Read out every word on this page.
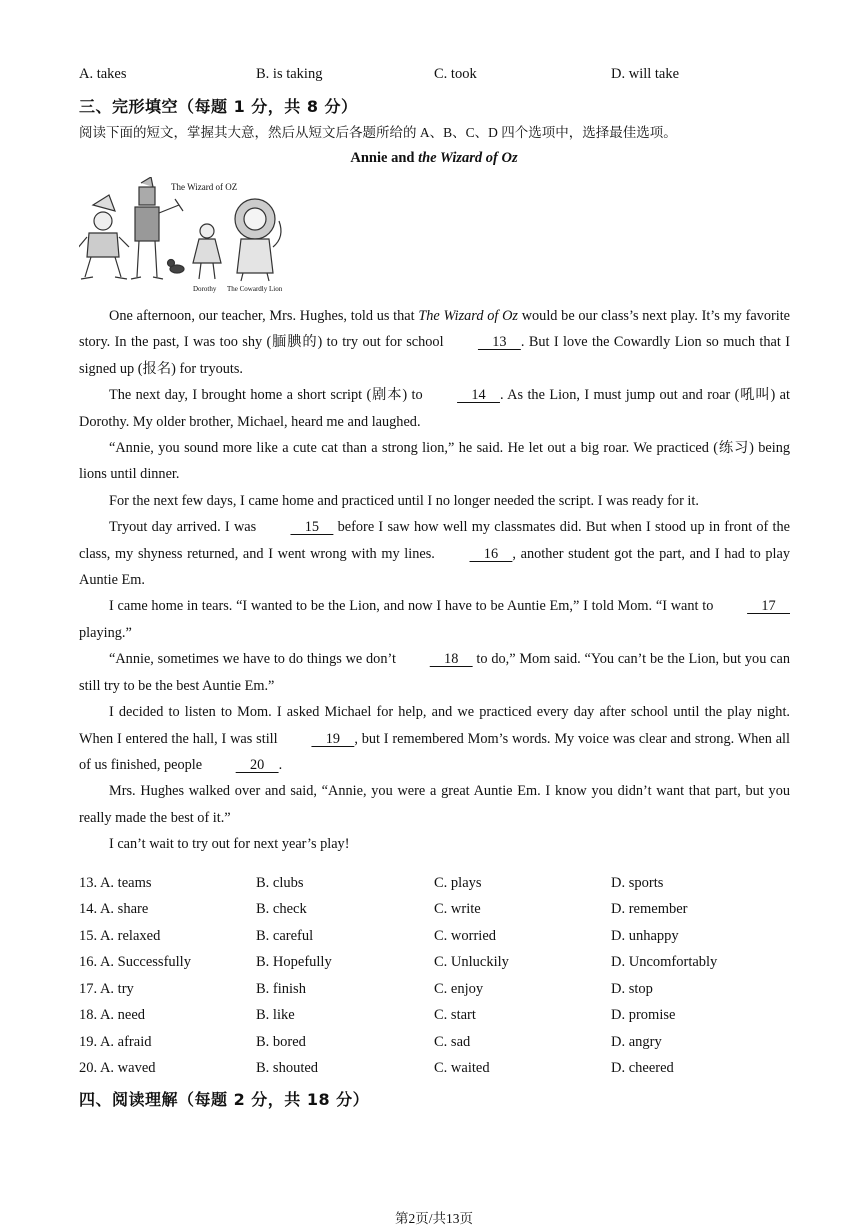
A. takes	B. is taking	C. took	D. will take
三、完形填空（每题 1 分，共 8 分）
阅读下面的短文，掌握其大意，然后从短文后各题所给的 A、B、C、D 四个选项中，选择最佳选项。
Annie and the Wizard of Oz
The Wizard of OZ
Dorothy The Cowardly Lion

One afternoon, our teacher, Mrs. Hughes, told us that The Wizard of Oz would be our class’s next play. It’s my favorite story. In the past, I was too shy (腼腆的) to try out for school     13    . But I love the Cowardly Lion so much that I signed up (报名) for tryouts.

The next day, I brought home a short script (剧本) to     14    . As the Lion, I must jump out and roar (吼叫) at Dorothy. My older brother, Michael, heard me and laughed.

“Annie, you sound more like a cute cat than a strong lion,” he said. He let out a big roar. We practiced (练习) being lions until dinner.

For the next few days, I came home and practiced until I no longer needed the script. I was ready for it.

Tryout day arrived. I was     15     before I saw how well my classmates did. But when I stood up in front of the class, my shyness returned, and I went wrong with my lines.     16    , another student got the part, and I had to play Auntie Em.

I came home in tears. “I wanted to be the Lion, and now I have to be Auntie Em,” I told Mom. “I want to     17     playing.”

“Annie, sometimes we have to do things we don’t     18     to do,” Mom said. “You can’t be the Lion, but you can still try to be the best Auntie Em.”

I decided to listen to Mom. I asked Michael for help, and we practiced every day after school until the play night. When I entered the hall, I was still     19    , but I remembered Mom’s words. My voice was clear and strong. When all of us finished, people     20    .

Mrs. Hughes walked over and said, “Annie, you were a great Auntie Em. I know you didn’t want that part, but you really made the best of it.”

I can’t wait to try out for next year’s play!

13. A. teams	B. clubs	C. plays	D. sports
14. A. share	B. check	C. write	D. remember
15. A. relaxed	B. careful	C. worried	D. unhappy
16. A. Successfully	B. Hopefully	C. Unluckily	D. Uncomfortably
17. A. try	B. finish	C. enjoy	D. stop
18. A. need	B. like	C. start	D. promise
19. A. afraid	B. bored	C. sad	D. angry
20. A. waved	B. shouted	C. waited	D. cheered
四、阅读理解（每题 2 分，共 18 分）
第2页/共13页
